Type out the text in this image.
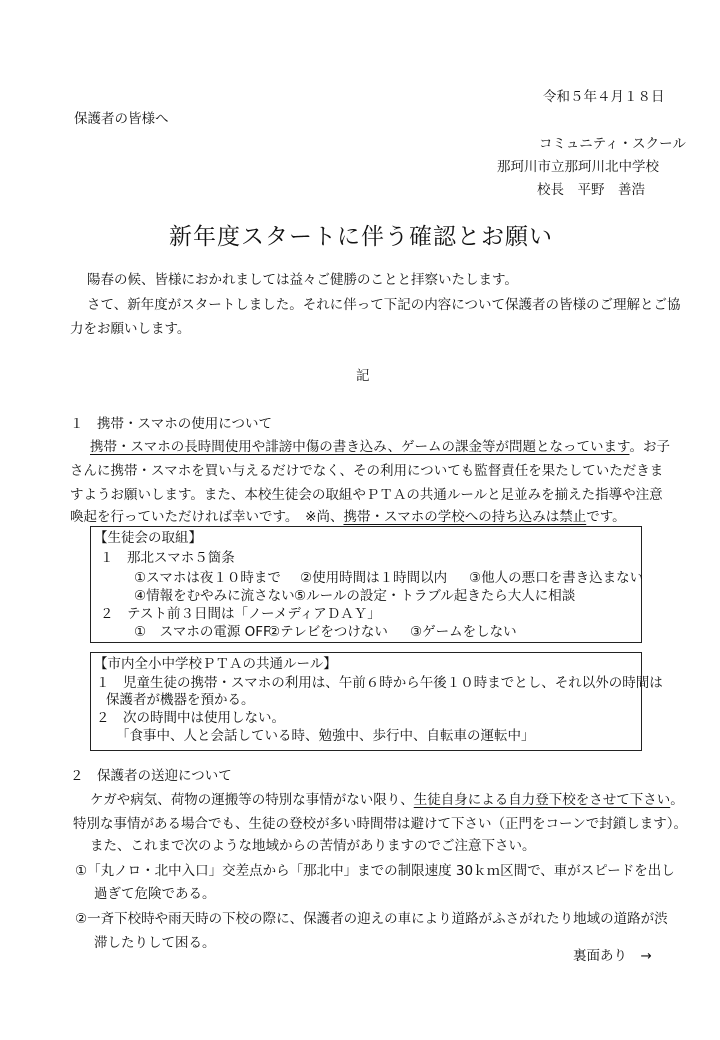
令和５年４月１８日
保護者の皆様へ
コミュニティ・スクール
那珂川市立那珂川北中学校
校長　平野　善浩
新年度スタートに伴う確認とお願い
陽春の候、皆様におかれましては益々ご健勝のことと拝察いたします。
さて、新年度がスタートしました。それに伴って下記の内容について保護者の皆様のご理解とご協
力をお願いします。
記
１　携帯・スマホの使用について
携帯・スマホの長時間使用や誹謗中傷の書き込み、ゲームの課金等が問題となっています。お子
さんに携帯・スマホを買い与えるだけでなく、その利用についても監督責任を果たしていただきま
すようお願いします。また、本校生徒会の取組やＰＴＡの共通ルールと足並みを揃えた指導や注意
喚起を行っていただければ幸いです。　※尚、携帯・スマホの学校への持ち込みは禁止です。
【生徒会の取組】
１　那北スマホ５箇条
①スマホは夜１０時まで ②使用時間は１時間以内 ③他人の悪口を書き込まない
④情報をむやみに流さない ⑤ルールの設定・トラブル起きたら大人に相談
２　テスト前３日間は「ノーメディアＤＡＹ」
①　スマホの電源 OFF
②テレビをつけない ③ゲームをしない
【市内全小中学校ＰＴＡの共通ルール】
１　児童生徒の携帯・スマホの利用は、午前６時から午後１０時までとし、それ以外の時間は
保護者が機器を預かる。
２　次の時間中は使用しない。
「食事中、人と会話している時、勉強中、歩行中、自転車の運転中」
２　保護者の送迎について
ケガや病気、荷物の運搬等の特別な事情がない限り、生徒自身による自力登下校をさせて下さい。
特別な事情がある場合でも、生徒の登校が多い時間帯は避けて下さい（正門をコーンで封鎖します）。
また、これまで次のような地域からの苦情がありますのでご注意下さい。
①「丸ノロ・北中入口」交差点から「那北中」までの制限速度 30ｋｍ区間で、車がスピードを出し
過ぎて危険である。
②一斉下校時や雨天時の下校の際に、保護者の迎えの車により道路がふさがれたり地域の道路が渋
滞したりして困る。
裏面あり　→
